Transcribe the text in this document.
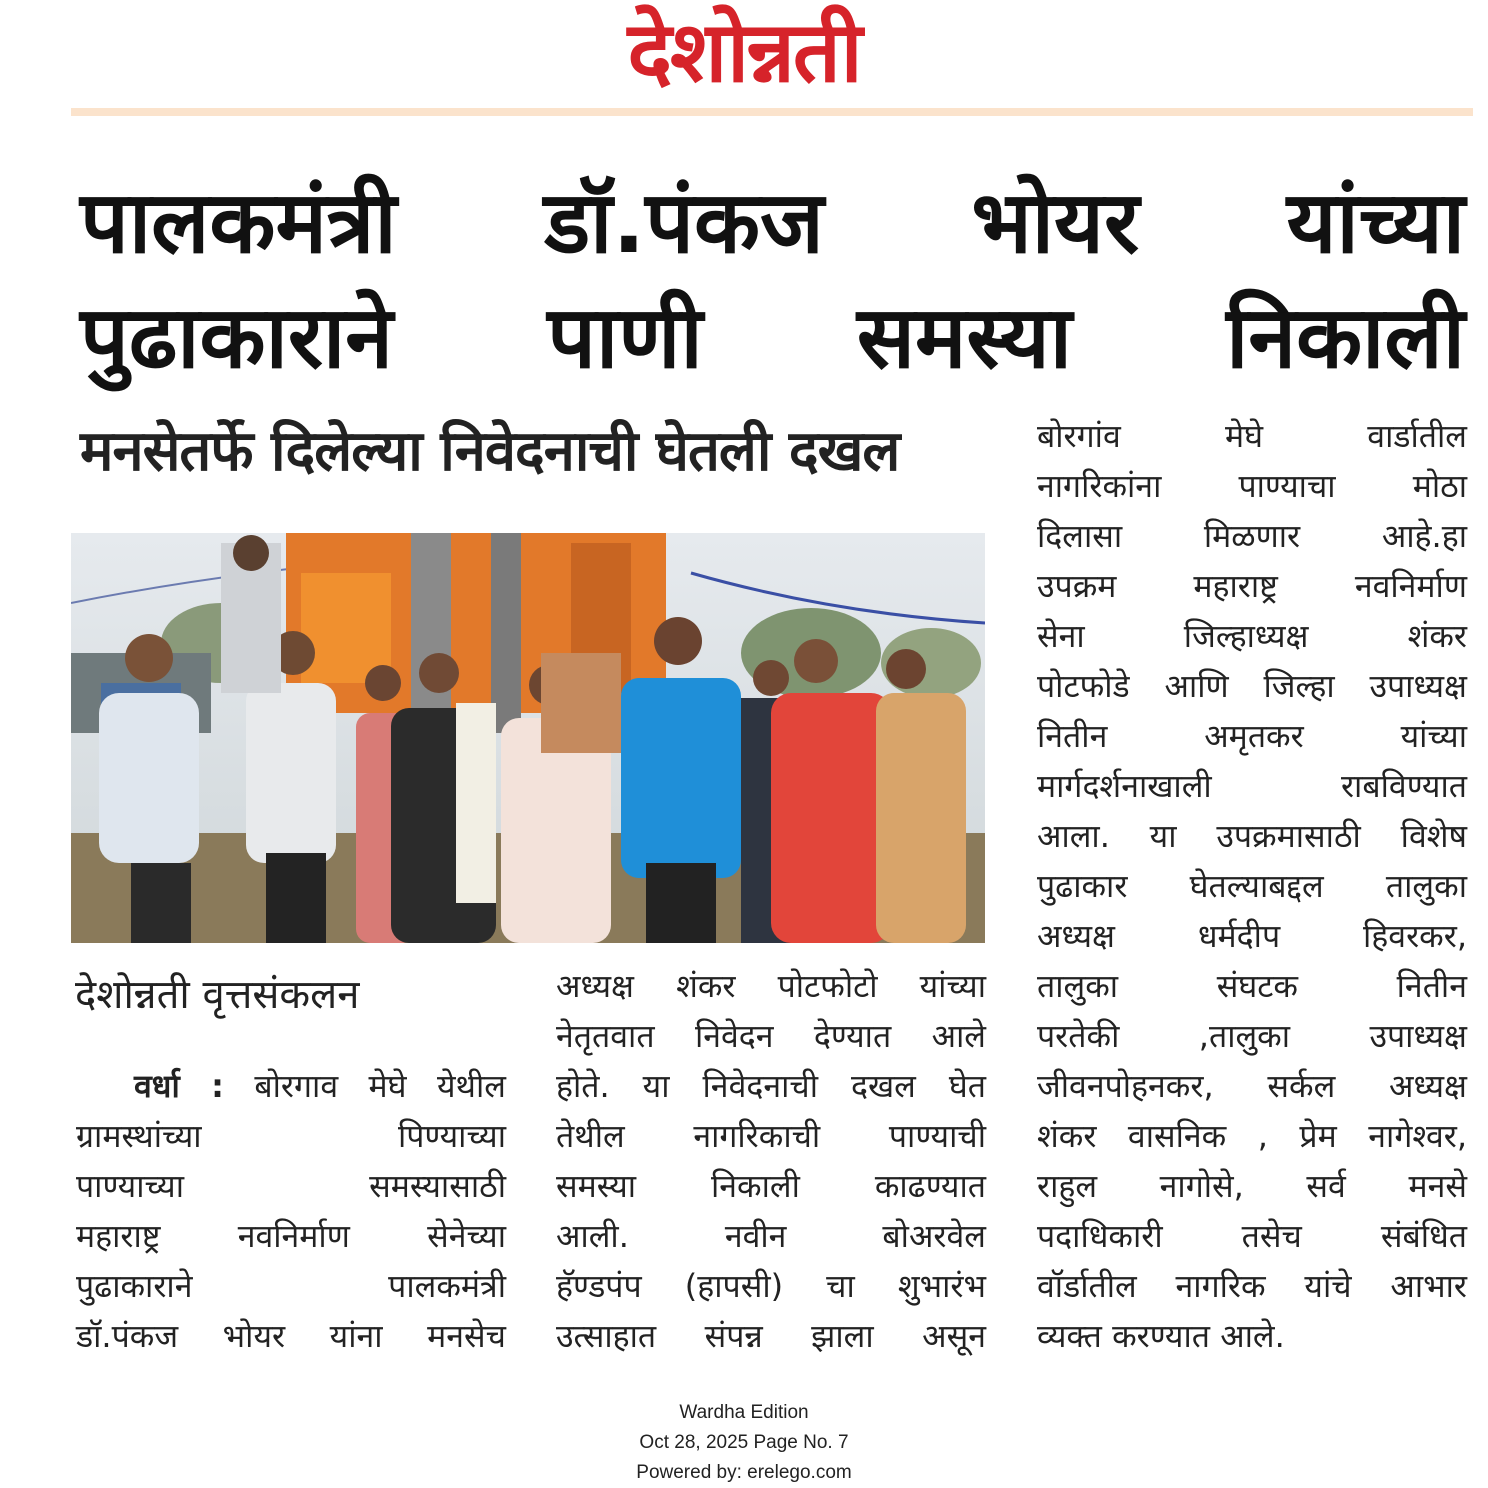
देशोन्नती
पालकमंत्री डॉ.पंकज भोयर यांच्या
पुढाकाराने पाणी समस्या निकाली
मनसेतर्फे दिलेल्या निवेदनाची घेतली दखल
देशोन्नती वृत्तसंकलन
वर्धा : बोरगाव मेघे येथील
ग्रामस्थांच्या पिण्याच्या
पाण्याच्या समस्यासाठी
महाराष्ट्र नवनिर्माण सेनेच्या
पुढाकाराने पालकमंत्री
डॉ.पंकज भोयर यांना मनसेच
अध्यक्ष शंकर पोटफोटो यांच्या
नेतृतवात निवेदन देण्यात आले
होते. या निवेदनाची दखल घेत
तेथील नागरिकाची पाण्याची
समस्या निकाली काढण्यात
आली. नवीन बोअरवेल
हॅण्डपंप (हापसी) चा शुभारंभ
उत्साहात संपन्न झाला असून
बोरगांव मेघे वार्डातील
नागरिकांना पाण्याचा मोठा
दिलासा मिळणार आहे.हा
उपक्रम महाराष्ट्र नवनिर्माण
सेना जिल्हाध्यक्ष शंकर
पोटफोडे आणि जिल्हा उपाध्यक्ष
नितीन अमृतकर यांच्या
मार्गदर्शनाखाली राबविण्यात
आला. या उपक्रमासाठी विशेष
पुढाकार घेतल्याबद्दल तालुका
अध्यक्ष धर्मदीप हिवरकर,
तालुका संघटक नितीन
परतेकी ,तालुका उपाध्यक्ष
जीवनपोहनकर, सर्कल अध्यक्ष
शंकर वासनिक , प्रेम नागेश्वर,
राहुल नागोसे, सर्व मनसे
पदाधिकारी तसेच संबंधित
वॉर्डातील नागरिक यांचे आभार
व्यक्त करण्यात आले.
Wardha Edition
Oct 28, 2025 Page No. 7
Powered by: erelego.com
